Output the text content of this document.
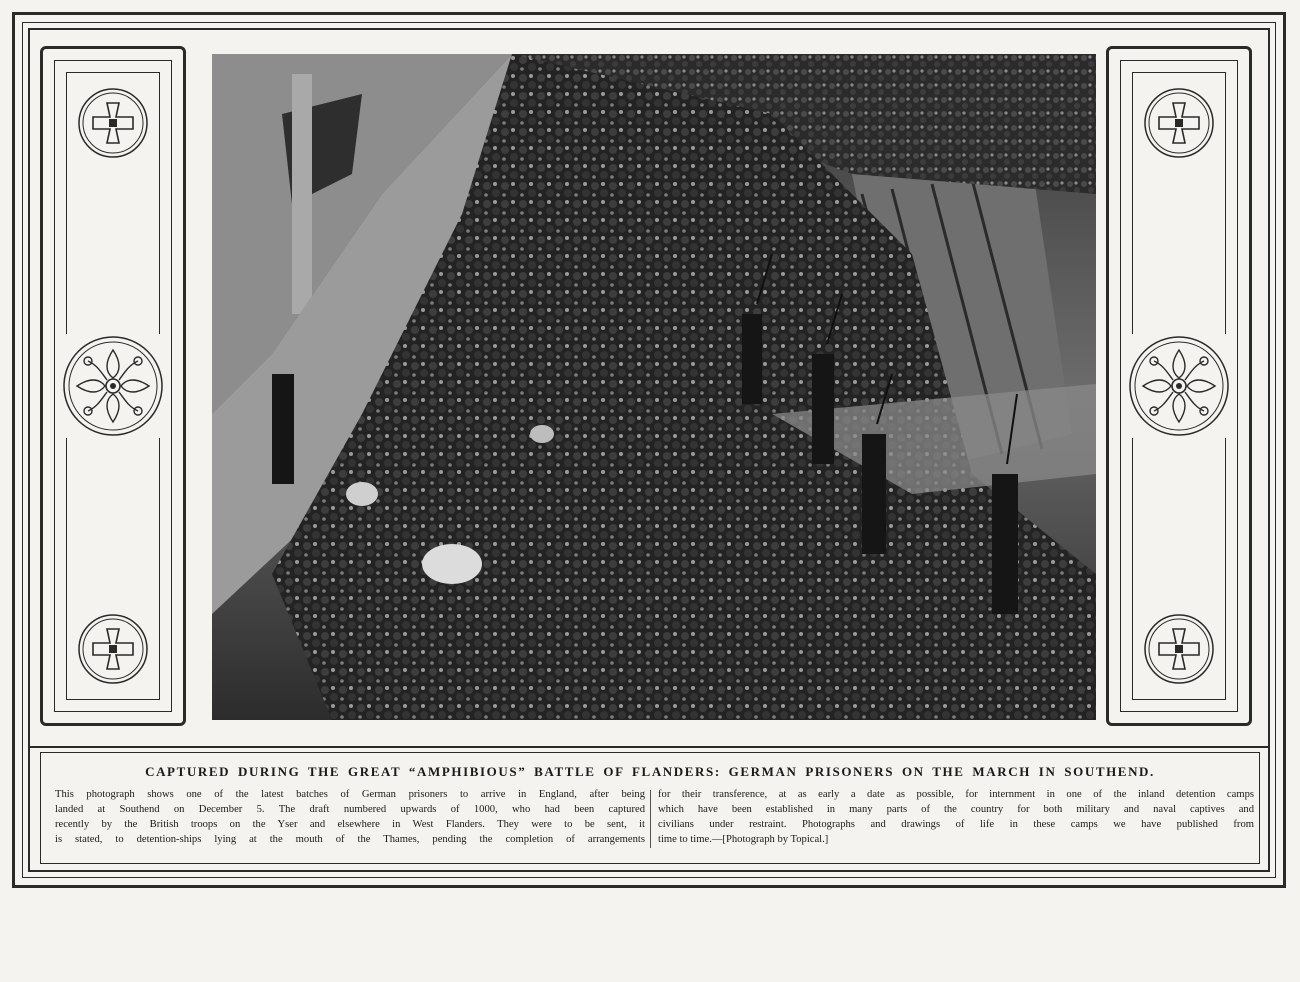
CAPTURED DURING THE GREAT “AMPHIBIOUS” BATTLE OF FLANDERS: GERMAN PRISONERS ON THE MARCH IN SOUTHEND.
This photograph shows one of the latest batches of German prisoners to arrive in England, after being
landed at Southend on December 5. The draft numbered upwards of 1000, who had been captured
recently by the British troops on the Yser and elsewhere in West Flanders. They were to be sent, it
is stated, to detention-ships lying at the mouth of the Thames, pending the completion of arrangements
for their transference, at as early a date as possible, for internment in one of the inland detention camps
which have been established in many parts of the country for both military and naval captives and
civilians under restraint. Photographs and drawings of life in these camps we have published from
time to time.—[Photograph by Topical.]
